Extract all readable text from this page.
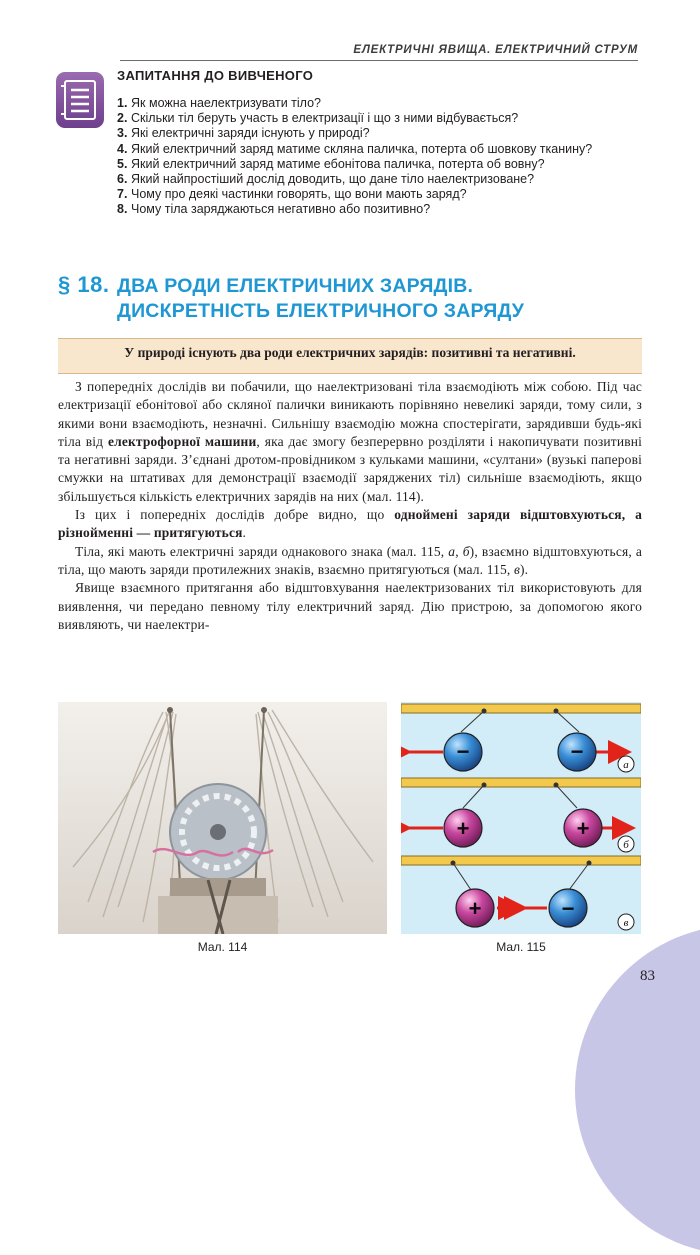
ЕЛЕКТРИЧНІ ЯВИЩА. ЕЛЕКТРИЧНИЙ СТРУМ
ЗАПИТАННЯ ДО ВИВЧЕНОГО
1. Як можна наелектризувати тіло?
2. Скільки тіл беруть участь в електризації і що з ними відбувається?
3. Які електричні заряди існують у природі?
4. Який електричний заряд матиме скляна паличка, потерта об шовкову тканину?
5. Який електричний заряд матиме ебонітова паличка, потерта об вовну?
6. Який найпростіший дослід доводить, що дане тіло наелектризоване?
7. Чому про деякі частинки говорять, що вони мають заряд?
8. Чому тіла заряджаються негативно або позитивно?
§ 18. ДВА РОДИ ЕЛЕКТРИЧНИХ ЗАРЯДІВ.
ДИСКРЕТНІСТЬ ЕЛЕКТРИЧНОГО ЗАРЯДУ
У природі існують два роди електричних зарядів: позитивні та негативні.

З попередніх дослідів ви побачили, що наелектризовані тіла взаємодіють між собою. Під час електризації ебонітової або скляної палички виникають порівняно невеликі заряди, тому сили, з якими вони взаємодіють, незначні. Сильнішу взаємодію можна спостерігати, зарядивши будь-які тіла від електрофорної машини, яка дає змогу безперервно розділяти і накопичувати позитивні та негативні заряди. З’єднані дротом-провідником з кульками машини, «султани» (вузькі паперові смужки на штативах для демонстрації взаємодії заряджених тіл) сильніше взаємодіють, якщо збільшується кількість електричних зарядів на них (мал. 114).

Із цих і попередніх дослідів добре видно, що одноймені заряди відштовхуються, а різнойменні — притягуються.

Тіла, які мають електричні заряди однакового знака (мал. 115, а, б), взаємно відштовхуються, а тіла, що мають заряди протилежних знаків, взаємно притягуються (мал. 115, в).

Явище взаємного притягання або відштовхування наелектризованих тіл використовують для виявлення, чи передано певному тілу електричний заряд. Дію пристрою, за допомогою якого виявляють, чи наелектри-

−	−
а
+	+
б
+	−
в
Мал. 114	Мал. 115
83
